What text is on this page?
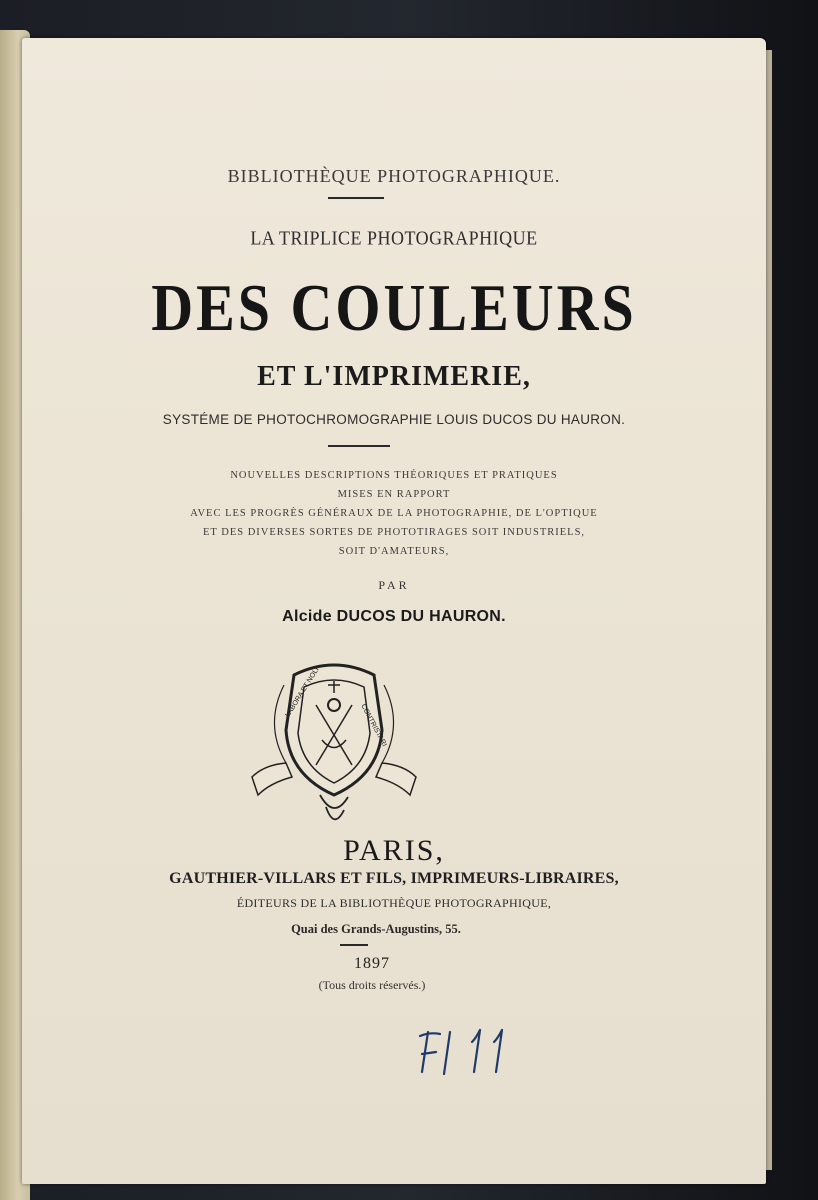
BIBLIOTHÈQUE PHOTOGRAPHIQUE.
LA TRIPLICE PHOTOGRAPHIQUE
DES COULEURS
ET L'IMPRIMERIE,
SYSTÉME DE PHOTOCHROMOGRAPHIE LOUIS DUCOS DU HAURON.
NOUVELLES DESCRIPTIONS THÉORIQUES ET PRATIQUES
MISES EN RAPPORT
AVEC LES PROGRÈS GÉNÉRAUX DE LA PHOTOGRAPHIE, DE L'OPTIQUE
ET DES DIVERSES SORTES DE PHOTOTIRAGES SOIT INDUSTRIELS,
SOIT D'AMATEURS,
PAR
Alcide DUCOS DU HAURON.
LABORA ET NOLI
CONTRISTARI
PARIS,
GAUTHIER-VILLARS ET FILS, IMPRIMEURS-LIBRAIRES,
ÉDITEURS DE LA BIBLIOTHÈQUE PHOTOGRAPHIQUE,
Quai des Grands-Augustins, 55.
1897
(Tous droits réservés.)
